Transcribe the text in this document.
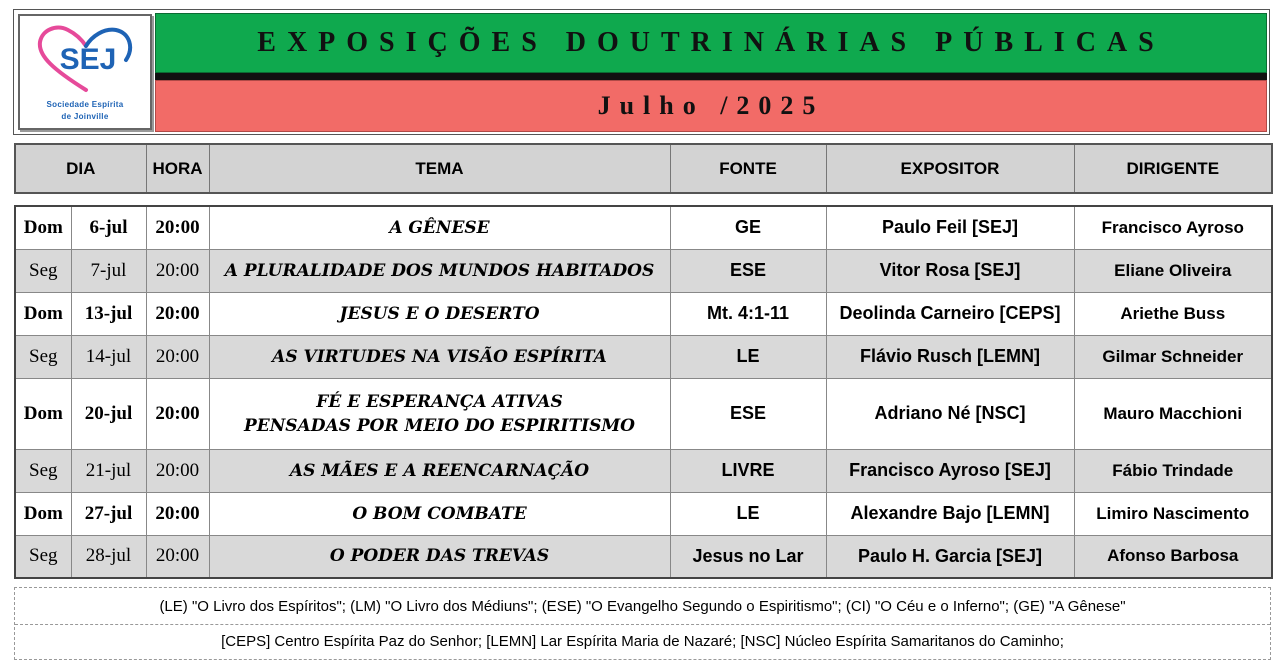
SEJ
Sociedade Espírita
de Joinville
EXPOSIÇÕES DOUTRINÁRIAS PÚBLICAS
Julho /2025
DIA	HORA	TEMA	FONTE	EXPOSITOR	DIRIGENTE
Dom	6-jul	20:00	A GÊNESE	GE	Paulo Feil [SEJ]	Francisco Ayroso
Seg	7-jul	20:00	A PLURALIDADE DOS MUNDOS HABITADOS	ESE	Vitor Rosa [SEJ]	Eliane Oliveira
Dom	13-jul	20:00	JESUS E O DESERTO	Mt. 4:1-11	Deolinda Carneiro [CEPS]	Ariethe Buss
Seg	14-jul	20:00	AS VIRTUDES NA VISÃO ESPÍRITA	LE	Flávio Rusch [LEMN]	Gilmar Schneider
Dom	20-jul	20:00	FÉ E ESPERANÇA ATIVAS
PENSADAS POR MEIO DO ESPIRITISMO	ESE	Adriano Né [NSC]	Mauro Macchioni
Seg	21-jul	20:00	AS MÃES E A REENCARNAÇÃO	LIVRE	Francisco Ayroso [SEJ]	Fábio Trindade
Dom	27-jul	20:00	O BOM COMBATE	LE	Alexandre Bajo [LEMN]	Limiro Nascimento
Seg	28-jul	20:00	O PODER DAS TREVAS	Jesus no Lar	Paulo H. Garcia [SEJ]	Afonso Barbosa
(LE) "O Livro dos Espíritos"; (LM) "O Livro dos Médiuns"; (ESE) "O Evangelho Segundo o Espiritismo"; (CI) "O Céu e o Inferno"; (GE) "A Gênese"
[CEPS] Centro Espírita Paz do Senhor; [LEMN] Lar Espírita Maria de Nazaré; [NSC] Núcleo Espírita Samaritanos do Caminho;
